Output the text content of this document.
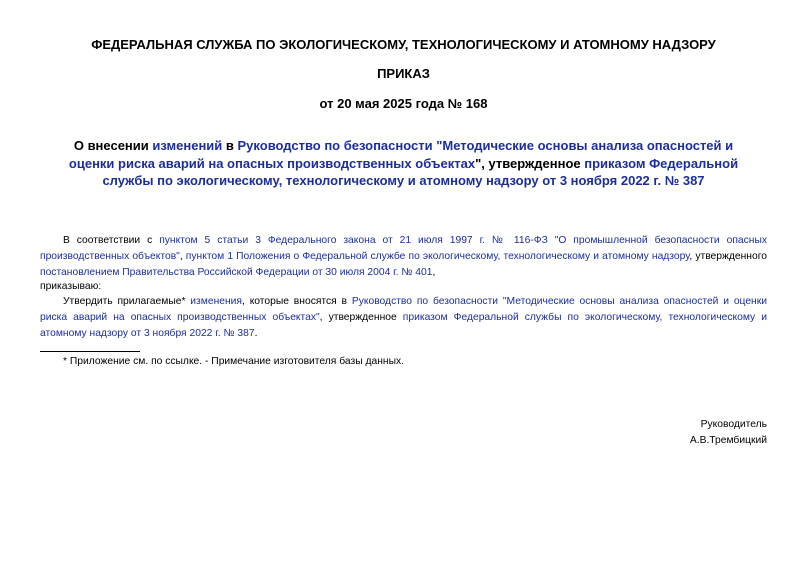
ФЕДЕРАЛЬНАЯ СЛУЖБА ПО ЭКОЛОГИЧЕСКОМУ, ТЕХНОЛОГИЧЕСКОМУ И АТОМНОМУ НАДЗОРУ
ПРИКАЗ
от 20 мая 2025 года № 168
О внесении изменений в Руководство по безопасности "Методические основы анализа опасностей и оценки риска аварий на опасных производственных объектах", утвержденное приказом Федеральной службы по экологическому, технологическому и атомному надзору от 3 ноября 2022 г. № 387
В соответствии с пунктом 5 статьи 3 Федерального закона от 21 июля 1997 г. № 116-ФЗ "О промышленной безопасности опасных производственных объектов", пунктом 1 Положения о Федеральной службе по экологическому, технологическому и атомному надзору, утвержденного постановлением Правительства Российской Федерации от 30 июля 2004 г. № 401,
приказываю:
Утвердить прилагаемые* изменения, которые вносятся в Руководство по безопасности "Методические основы анализа опасностей и оценки риска аварий на опасных производственных объектах", утвержденное приказом Федеральной службы по экологическому, технологическому и атомному надзору от 3 ноября 2022 г. № 387.
* Приложение см. по ссылке. - Примечание изготовителя базы данных.
Руководитель
А.В.Трембицкий
